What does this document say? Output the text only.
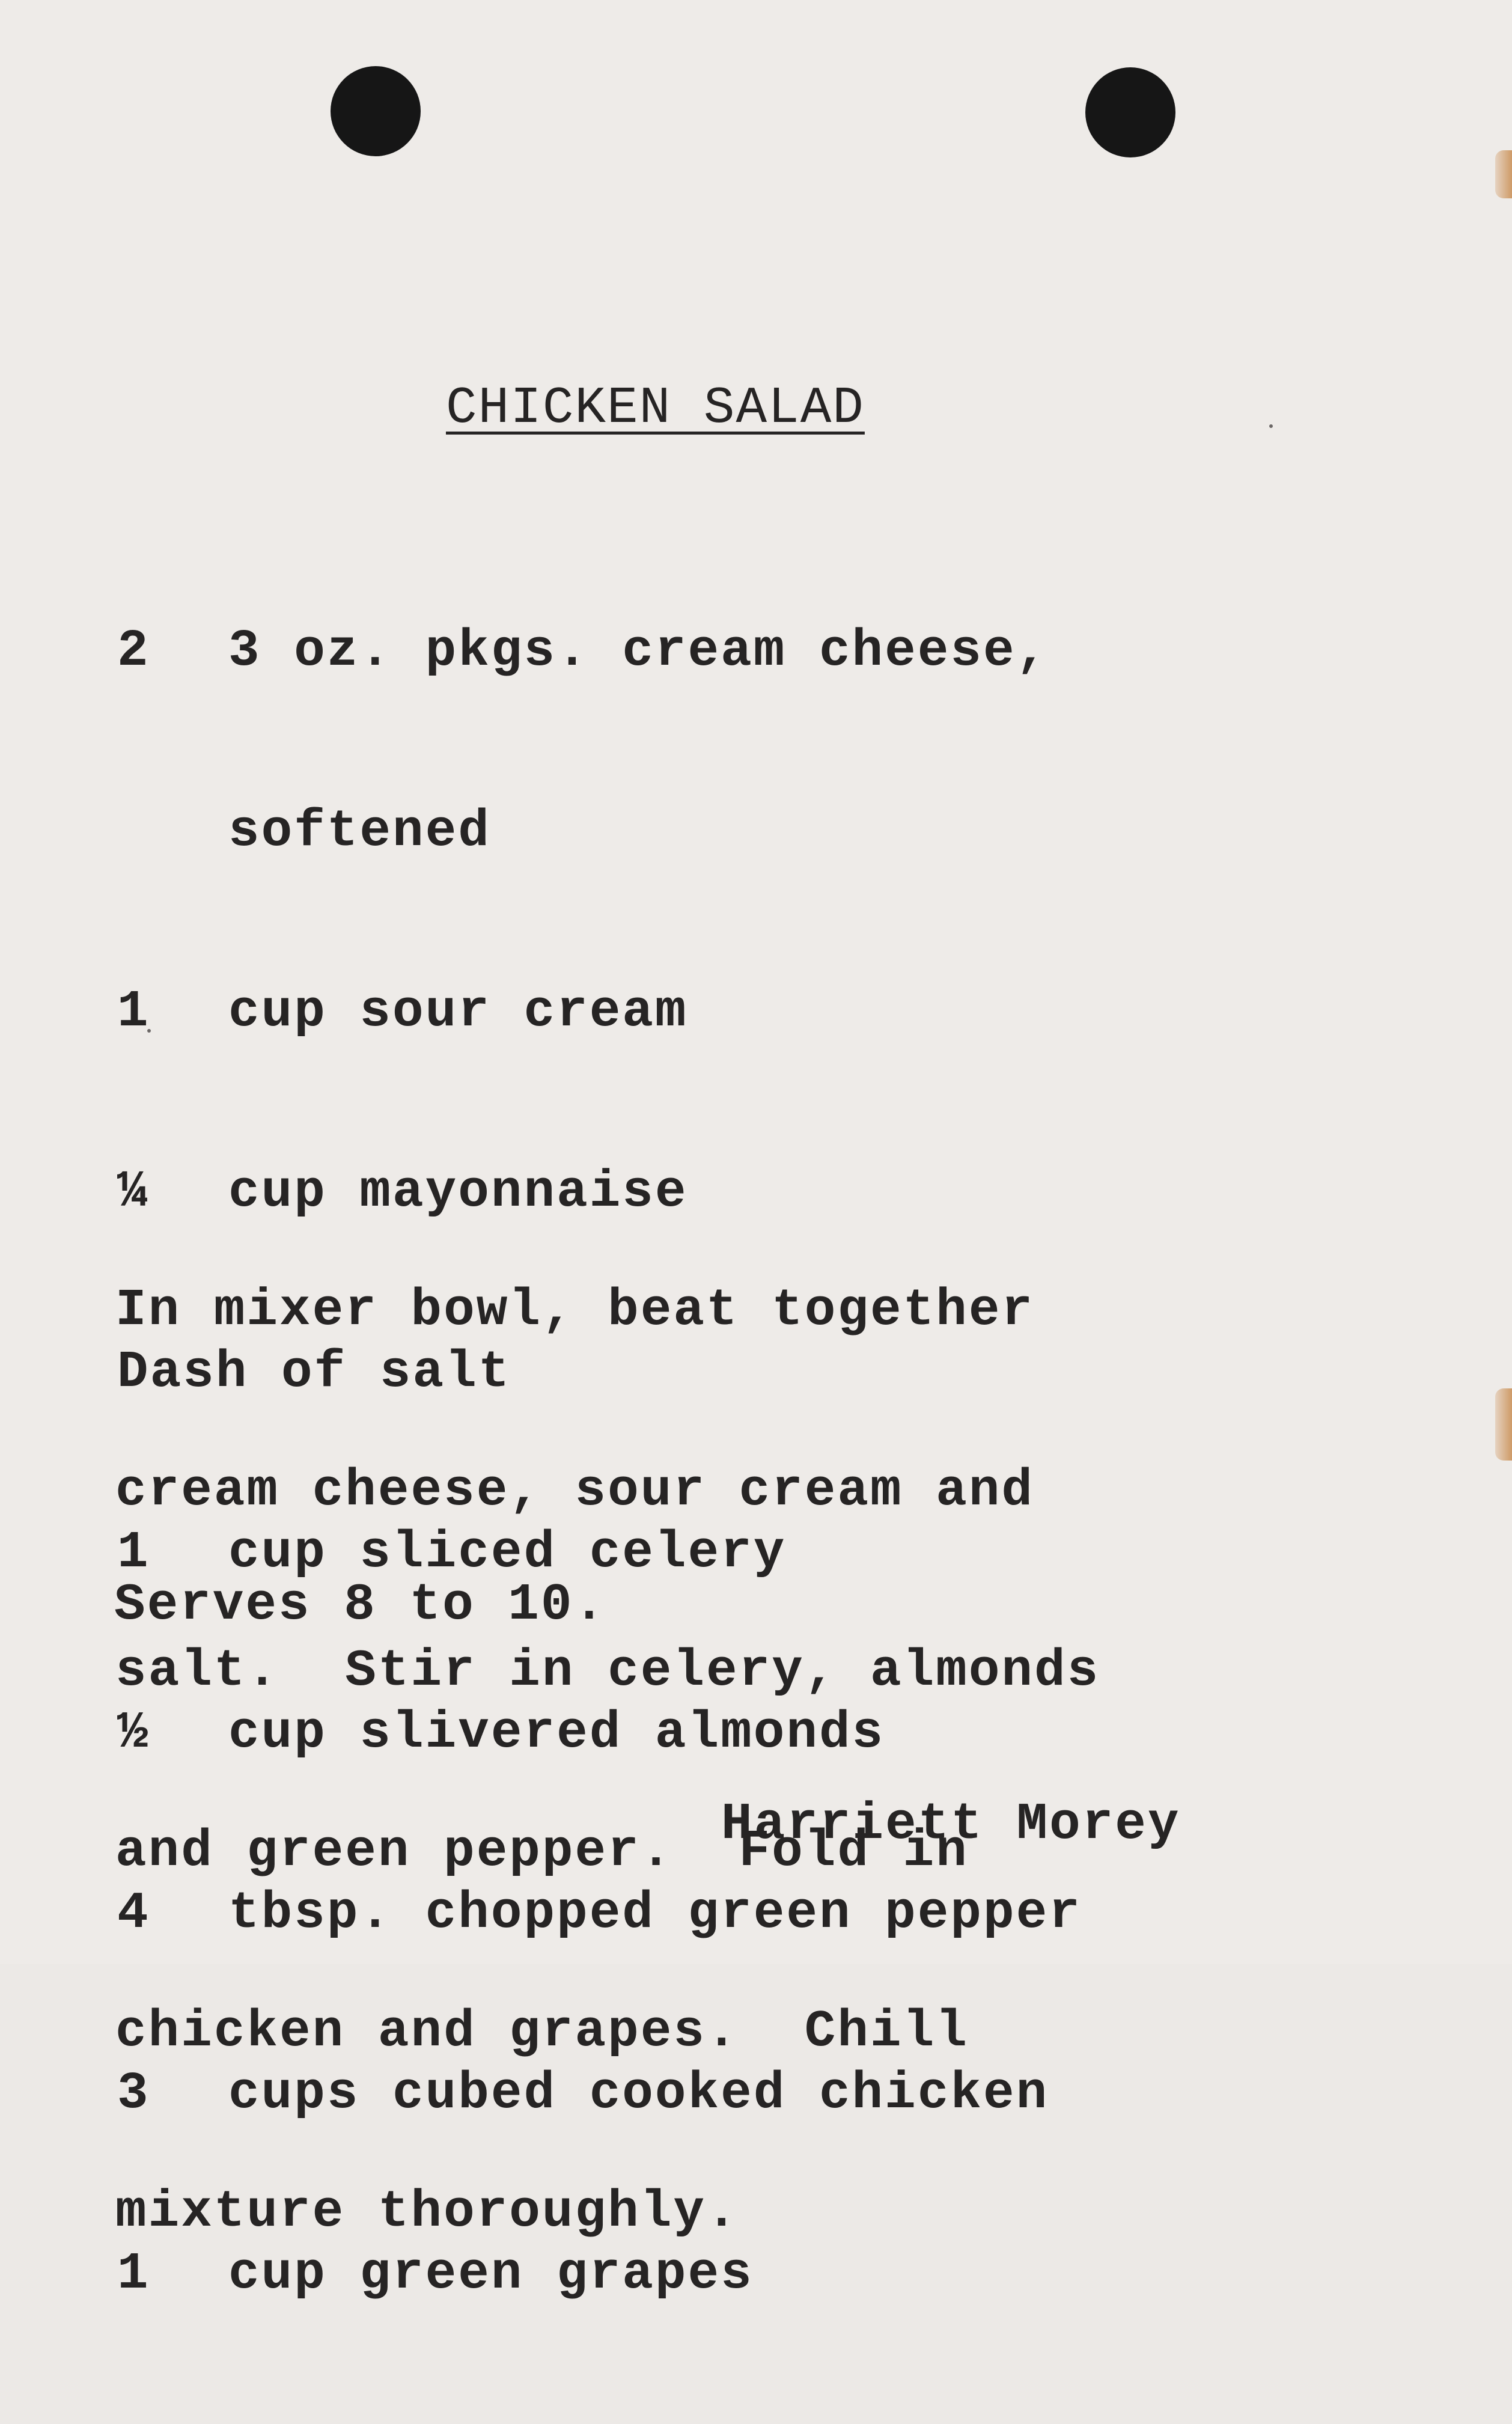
CHICKEN SALAD

2	3 oz. pkgs. cream cheese,

softened

1	cup sour cream

¼	cup mayonnaise

Dash of salt

1	cup sliced celery

½	cup slivered almonds

4	tbsp. chopped green pepper

3	cups cubed cooked chicken

1	cup green grapes

In mixer bowl, beat together

cream cheese, sour cream and

salt.  Stir in celery, almonds

and green pepper.  Fold in

chicken and grapes.  Chill

mixture thoroughly.

Serves 8 to 10.
Harriett Morey
